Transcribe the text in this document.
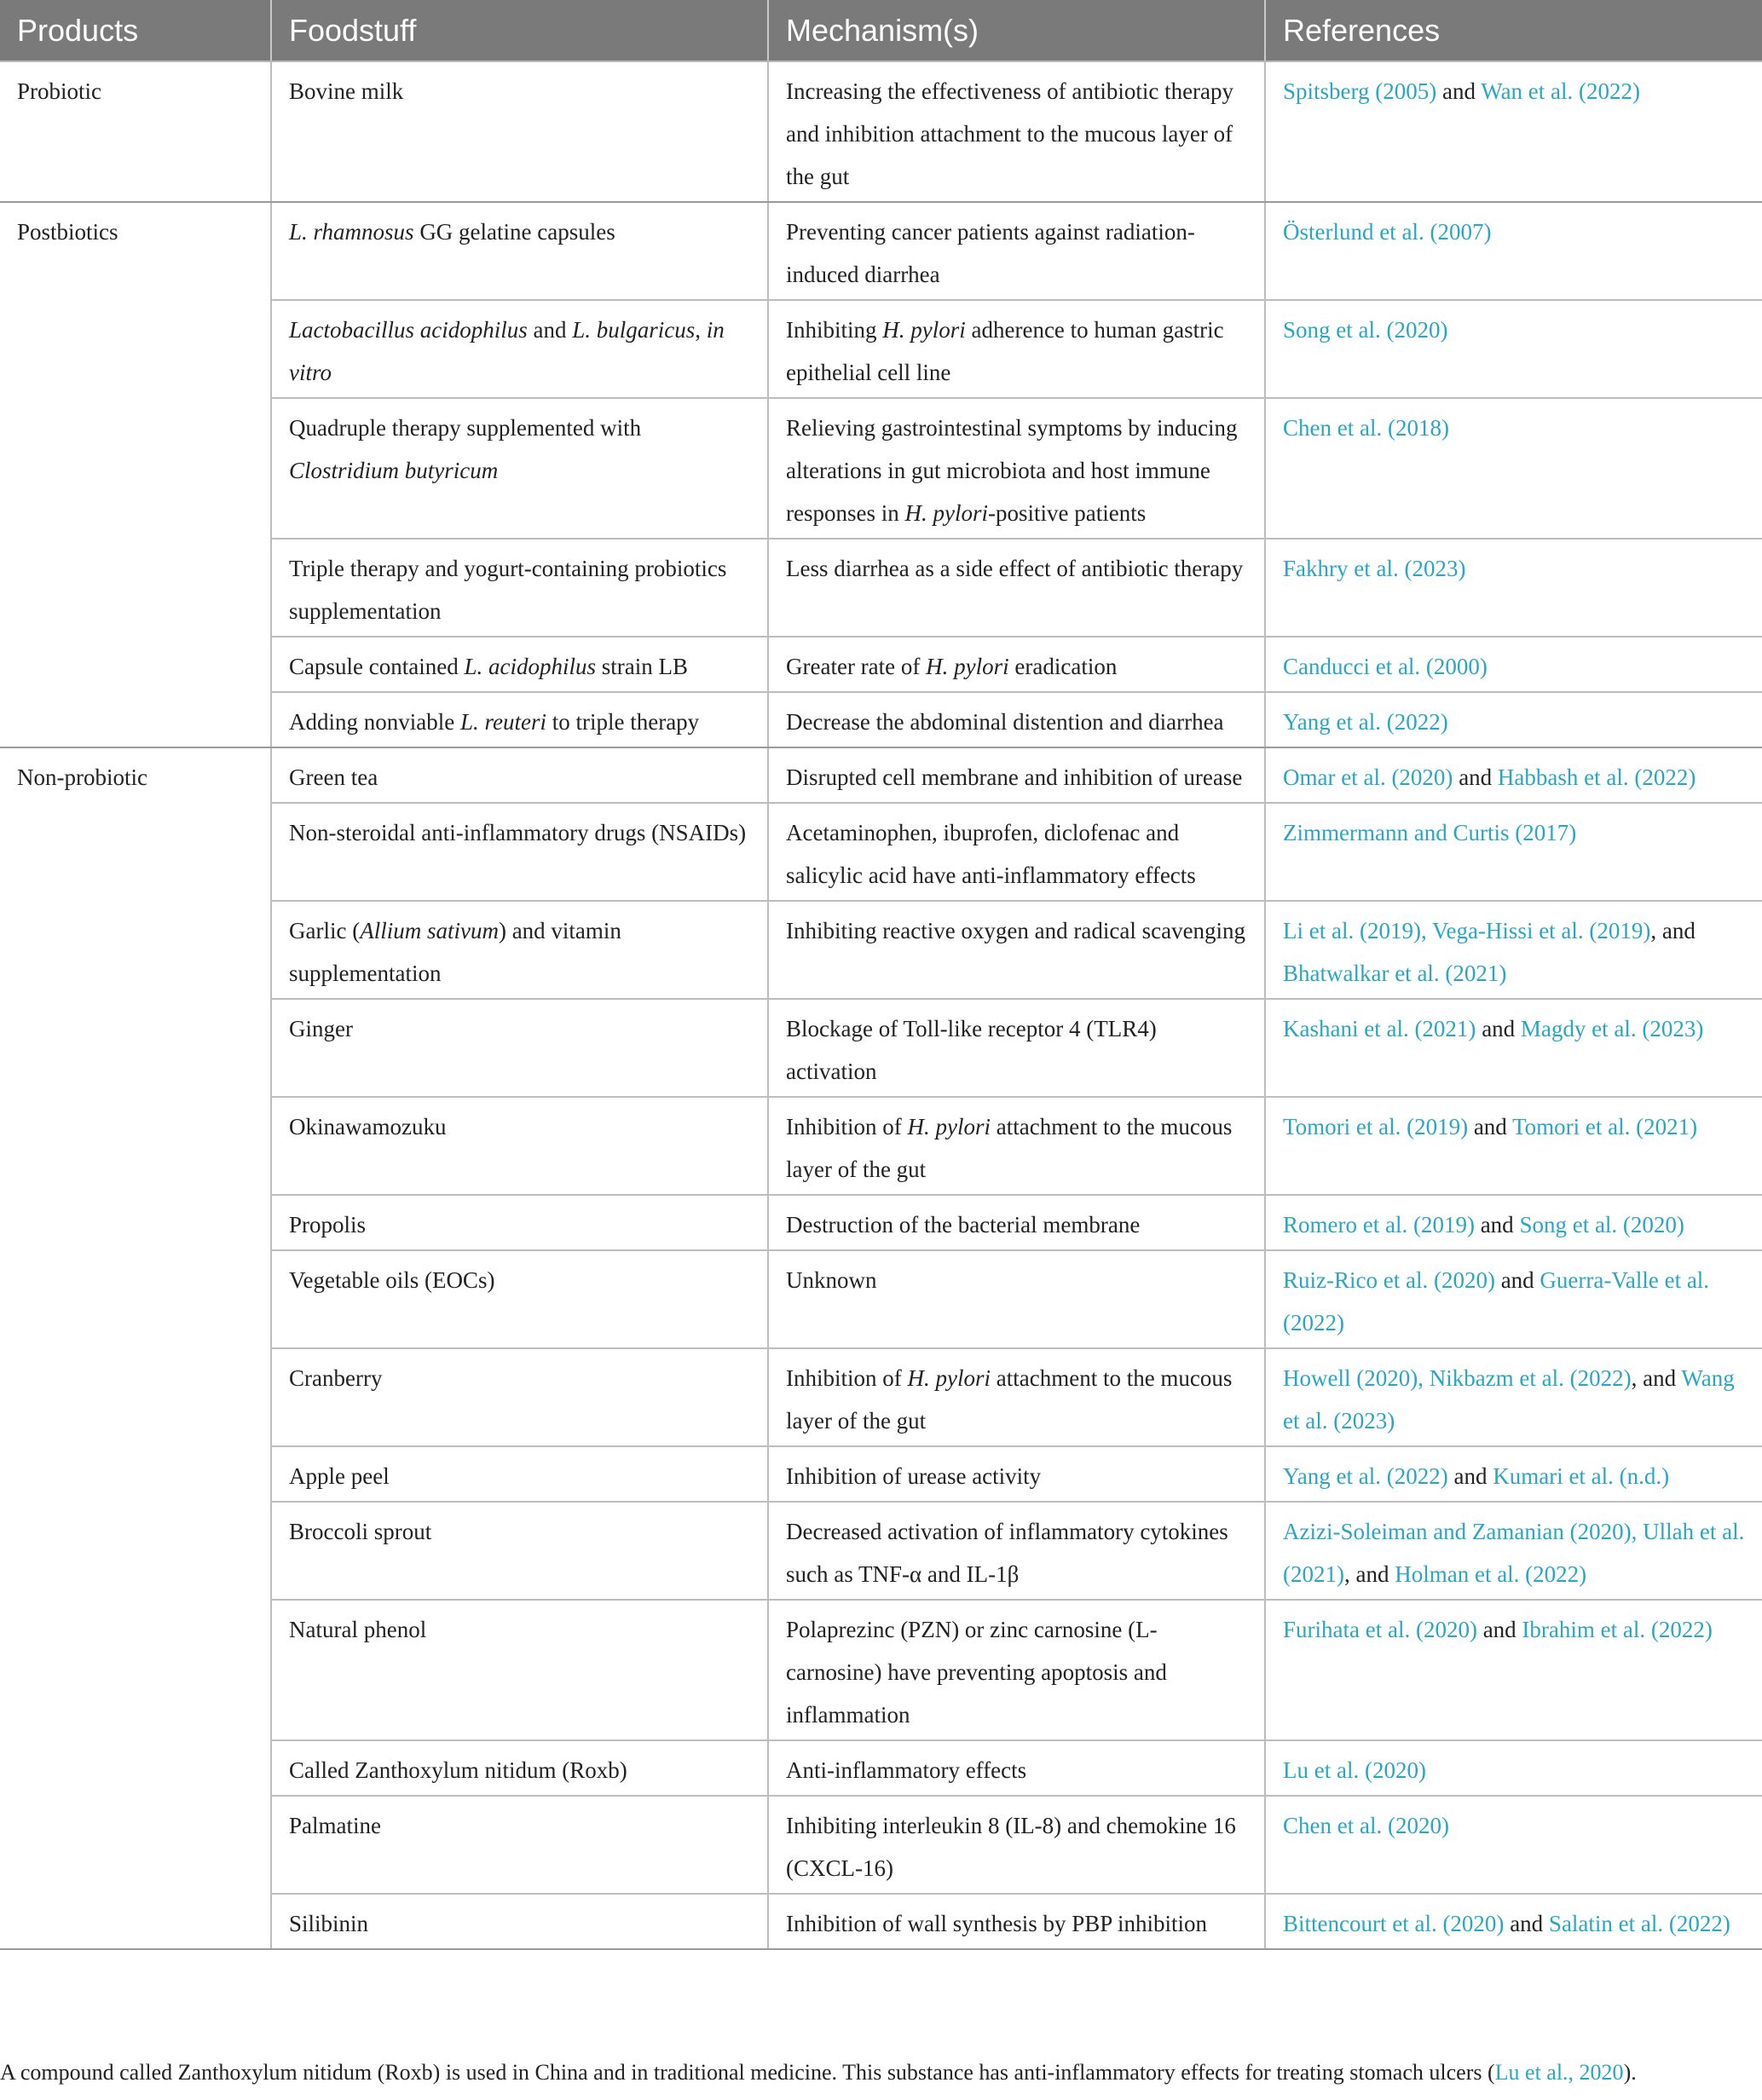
Products	Foodstuff	Mechanism(s)	References
Probiotic	Bovine milk	Increasing the effectiveness of antibiotic therapy and inhibition attachment to the mucous layer of the gut	Spitsberg (2005) and Wan et al. (2022)
Postbiotics	L. rhamnosus GG gelatine capsules	Preventing cancer patients against radiation-induced diarrhea	Österlund et al. (2007)
	Lactobacillus acidophilus and L. bulgaricus, in vitro	Inhibiting H. pylori adherence to human gastric epithelial cell line	Song et al. (2020)
	Quadruple therapy supplemented with Clostridium butyricum	Relieving gastrointestinal symptoms by inducing alterations in gut microbiota and host immune responses in H. pylori-positive patients	Chen et al. (2018)
	Triple therapy and yogurt-containing probiotics supplementation	Less diarrhea as a side effect of antibiotic therapy	Fakhry et al. (2023)
	Capsule contained L. acidophilus strain LB	Greater rate of H. pylori eradication	Canducci et al. (2000)
	Adding nonviable L. reuteri to triple therapy	Decrease the abdominal distention and diarrhea	Yang et al. (2022)
Non-probiotic	Green tea	Disrupted cell membrane and inhibition of urease	Omar et al. (2020) and Habbash et al. (2022)
	Non-steroidal anti-inflammatory drugs (NSAIDs)	Acetaminophen, ibuprofen, diclofenac and salicylic acid have anti-inflammatory effects	Zimmermann and Curtis (2017)
	Garlic (Allium sativum) and vitamin supplementation	Inhibiting reactive oxygen and radical scavenging	Li et al. (2019), Vega-Hissi et al. (2019), and Bhatwalkar et al. (2021)
	Ginger	Blockage of Toll-like receptor 4 (TLR4) activation	Kashani et al. (2021) and Magdy et al. (2023)
	Okinawamozuku	Inhibition of H. pylori attachment to the mucous layer of the gut	Tomori et al. (2019) and Tomori et al. (2021)
	Propolis	Destruction of the bacterial membrane	Romero et al. (2019) and Song et al. (2020)
	Vegetable oils (EOCs)	Unknown	Ruiz-Rico et al. (2020) and Guerra-Valle et al. (2022)
	Cranberry	Inhibition of H. pylori attachment to the mucous layer of the gut	Howell (2020), Nikbazm et al. (2022), and Wang et al. (2023)
	Apple peel	Inhibition of urease activity	Yang et al. (2022) and Kumari et al. (n.d.)
	Broccoli sprout	Decreased activation of inflammatory cytokines such as TNF-α and IL-1β	Azizi-Soleiman and Zamanian (2020), Ullah et al. (2021), and Holman et al. (2022)
	Natural phenol	Polaprezinc (PZN) or zinc carnosine (L-carnosine) have preventing apoptosis and inflammation	Furihata et al. (2020) and Ibrahim et al. (2022)
	Called Zanthoxylum nitidum (Roxb)	Anti-inflammatory effects	Lu et al. (2020)
	Palmatine	Inhibiting interleukin 8 (IL-8) and chemokine 16 (CXCL-16)	Chen et al. (2020)
	Silibinin	Inhibition of wall synthesis by PBP inhibition	Bittencourt et al. (2020) and Salatin et al. (2022)
A compound called Zanthoxylum nitidum (Roxb) is used in China and in traditional medicine. This substance has anti-inflammatory effects for treating stomach ulcers (Lu et al., 2020).
